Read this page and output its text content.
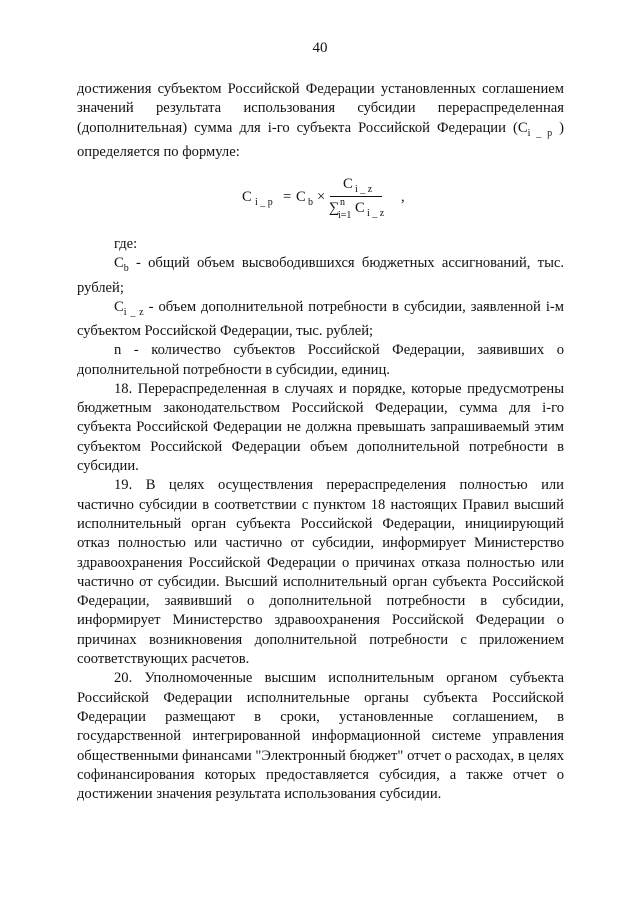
40

достижения субъектом Российской Федерации установленных соглашением значений результата использования субсидии перераспределенная (дополнительная) сумма для i-го субъекта Российской Федерации ($С_{i \_ p}$ ) определяется по формуле:

С i _ p = С b ×
С i _ z
∑ n
i=1 С i _ z
,

где:

$С_b$ - общий объем высвободившихся бюджетных ассигнований, тыс. рублей;

$С_{i \_ z}$ - объем дополнительной потребности в субсидии, заявленной i-м субъектом Российской Федерации, тыс. рублей;

n - количество субъектов Российской Федерации, заявивших о дополнительной потребности в субсидии, единиц.

18. Перераспределенная в случаях и порядке, которые предусмотрены бюджетным законодательством Российской Федерации, сумма для i-го субъекта Российской Федерации не должна превышать запрашиваемый этим субъектом Российской Федерации объем дополнительной потребности в субсидии.

19. В целях осуществления перераспределения полностью или частично субсидии в соответствии с пунктом 18 настоящих Правил высший исполнительный орган субъекта Российской Федерации, инициирующий отказ полностью или частично от субсидии, информирует Министерство здравоохранения Российской Федерации о причинах отказа полностью или частично от субсидии. Высший исполнительный орган субъекта Российской Федерации, заявивший о дополнительной потребности в субсидии, информирует Министерство здравоохранения Российской Федерации о причинах возникновения дополнительной потребности с приложением соответствующих расчетов.

20. Уполномоченные высшим исполнительным органом субъекта Российской Федерации исполнительные органы субъекта Российской Федерации размещают в сроки, установленные соглашением, в государственной интегрированной информационной системе управления общественными финансами "Электронный бюджет" отчет о расходах, в целях софинансирования которых предоставляется субсидия, а также отчет о достижении значения результата использования субсидии.
